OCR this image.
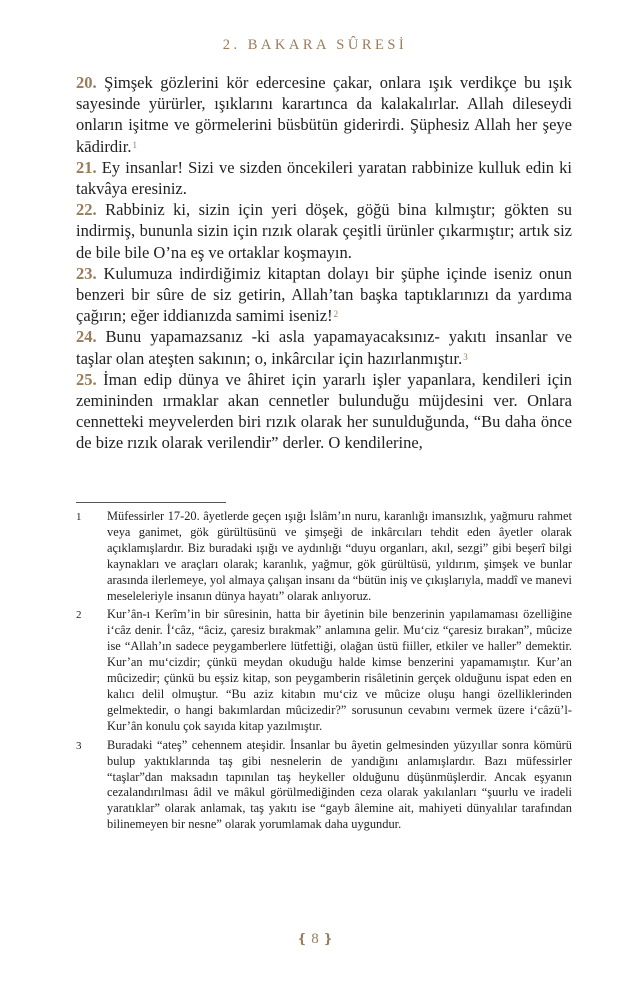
2. BAKARA SÛRESİ

20. Şimşek gözlerini kör edercesine çakar, onlara ışık verdikçe bu ışık sayesinde yürürler, ışıklarını karartınca da kalakalırlar. Allah dileseydi onların işitme ve görmelerini büsbütün giderirdi. Şüphesiz Allah her şeye kādirdir.$^1$

21. Ey insanlar! Sizi ve sizden öncekileri yaratan rabbinize kulluk edin ki takvâya eresiniz.

22. Rabbiniz ki, sizin için yeri döşek, göğü bina kılmıştır; gökten su indirmiş, bununla sizin için rızık olarak çeşitli ürünler çıkarmıştır; artık siz de bile bile O’na eş ve ortaklar koşmayın.

23. Kulumuza indirdiğimiz kitaptan dolayı bir şüphe içinde iseniz onun benzeri bir sûre de siz getirin, Allah’tan başka taptıklarınızı da yardıma çağırın; eğer iddianızda samimi iseniz!$^2$

24. Bunu yapamazsanız -ki asla yapamayacaksınız- yakıtı insanlar ve taşlar olan ateşten sakının; o, inkârcılar için hazırlanmıştır.$^3$

25. İman edip dünya ve âhiret için yararlı işler yapanlara, kendileri için zemininden ırmaklar akan cennetler bulunduğu müjdesini ver. Onlara cennetteki meyvelerden biri rızık olarak her sunulduğunda, “Bu daha önce de bize rızık olarak verilendir” derler. O kendilerine,

1	Müfessirler 17-20. âyetlerde geçen ışığı İslâm’ın nuru, karanlığı imansızlık, yağmuru rahmet veya ganimet, gök gürültüsünü ve şimşeği de inkârcıları tehdit eden âyetler olarak açıklamışlardır. Biz buradaki ışığı ve aydınlığı “duyu organları, akıl, sezgi” gibi beşerî bilgi kaynakları ve araçları olarak; karanlık, yağmur, gök gürültüsü, yıldırım, şimşek ve bunlar arasında ilerlemeye, yol almaya çalışan insanı da “bütün iniş ve çıkışlarıyla, maddî ve manevi meseleleriyle insanın dünya hayatı” olarak anlıyoruz.
2	Kur’ân-ı Kerîm’in bir sûresinin, hatta bir âyetinin bile benzerinin yapılamaması özelliğine i‘câz denir. İ‘câz, “âciz, çaresiz bırakmak” anlamına gelir. Mu‘ciz “çaresiz bırakan”, mûcize ise “Allah’ın sadece peygamberlere lütfettiği, olağan üstü fiiller, etkiler ve haller” demektir. Kur’an mu‘cizdir; çünkü meydan okuduğu halde kimse benzerini yapamamıştır. Kur’an mûcizedir; çünkü bu eşsiz kitap, son peygamberin risâletinin gerçek olduğunu ispat eden en kalıcı delil olmuştur. “Bu aziz kitabın mu‘ciz ve mûcize oluşu hangi özelliklerinden gelmektedir, o hangi bakımlardan mûcizedir?” sorusunun cevabını vermek üzere i‘câzü’l-Kur’ân konulu çok sayıda kitap yazılmıştır.
3	Buradaki “ateş” cehennem ateşidir. İnsanlar bu âyetin gelmesinden yüzyıllar sonra kömürü bulup yaktıklarında taş gibi nesnelerin de yandığını anlamışlardır. Bazı müfessirler “taşlar”dan maksadın tapınılan taş heykeller olduğunu düşünmüşlerdir. Ancak eşyanın cezalandırılması âdil ve mâkul görülmediğinden ceza olarak yakılanları “şuurlu ve iradeli yaratıklar” olarak anlamak, taş yakıtı ise “gayb âlemine ait, mahiyeti dünyalılar tarafından bilinemeyen bir nesne” olarak yorumlamak daha uygundur.
❴ 8 ❵
